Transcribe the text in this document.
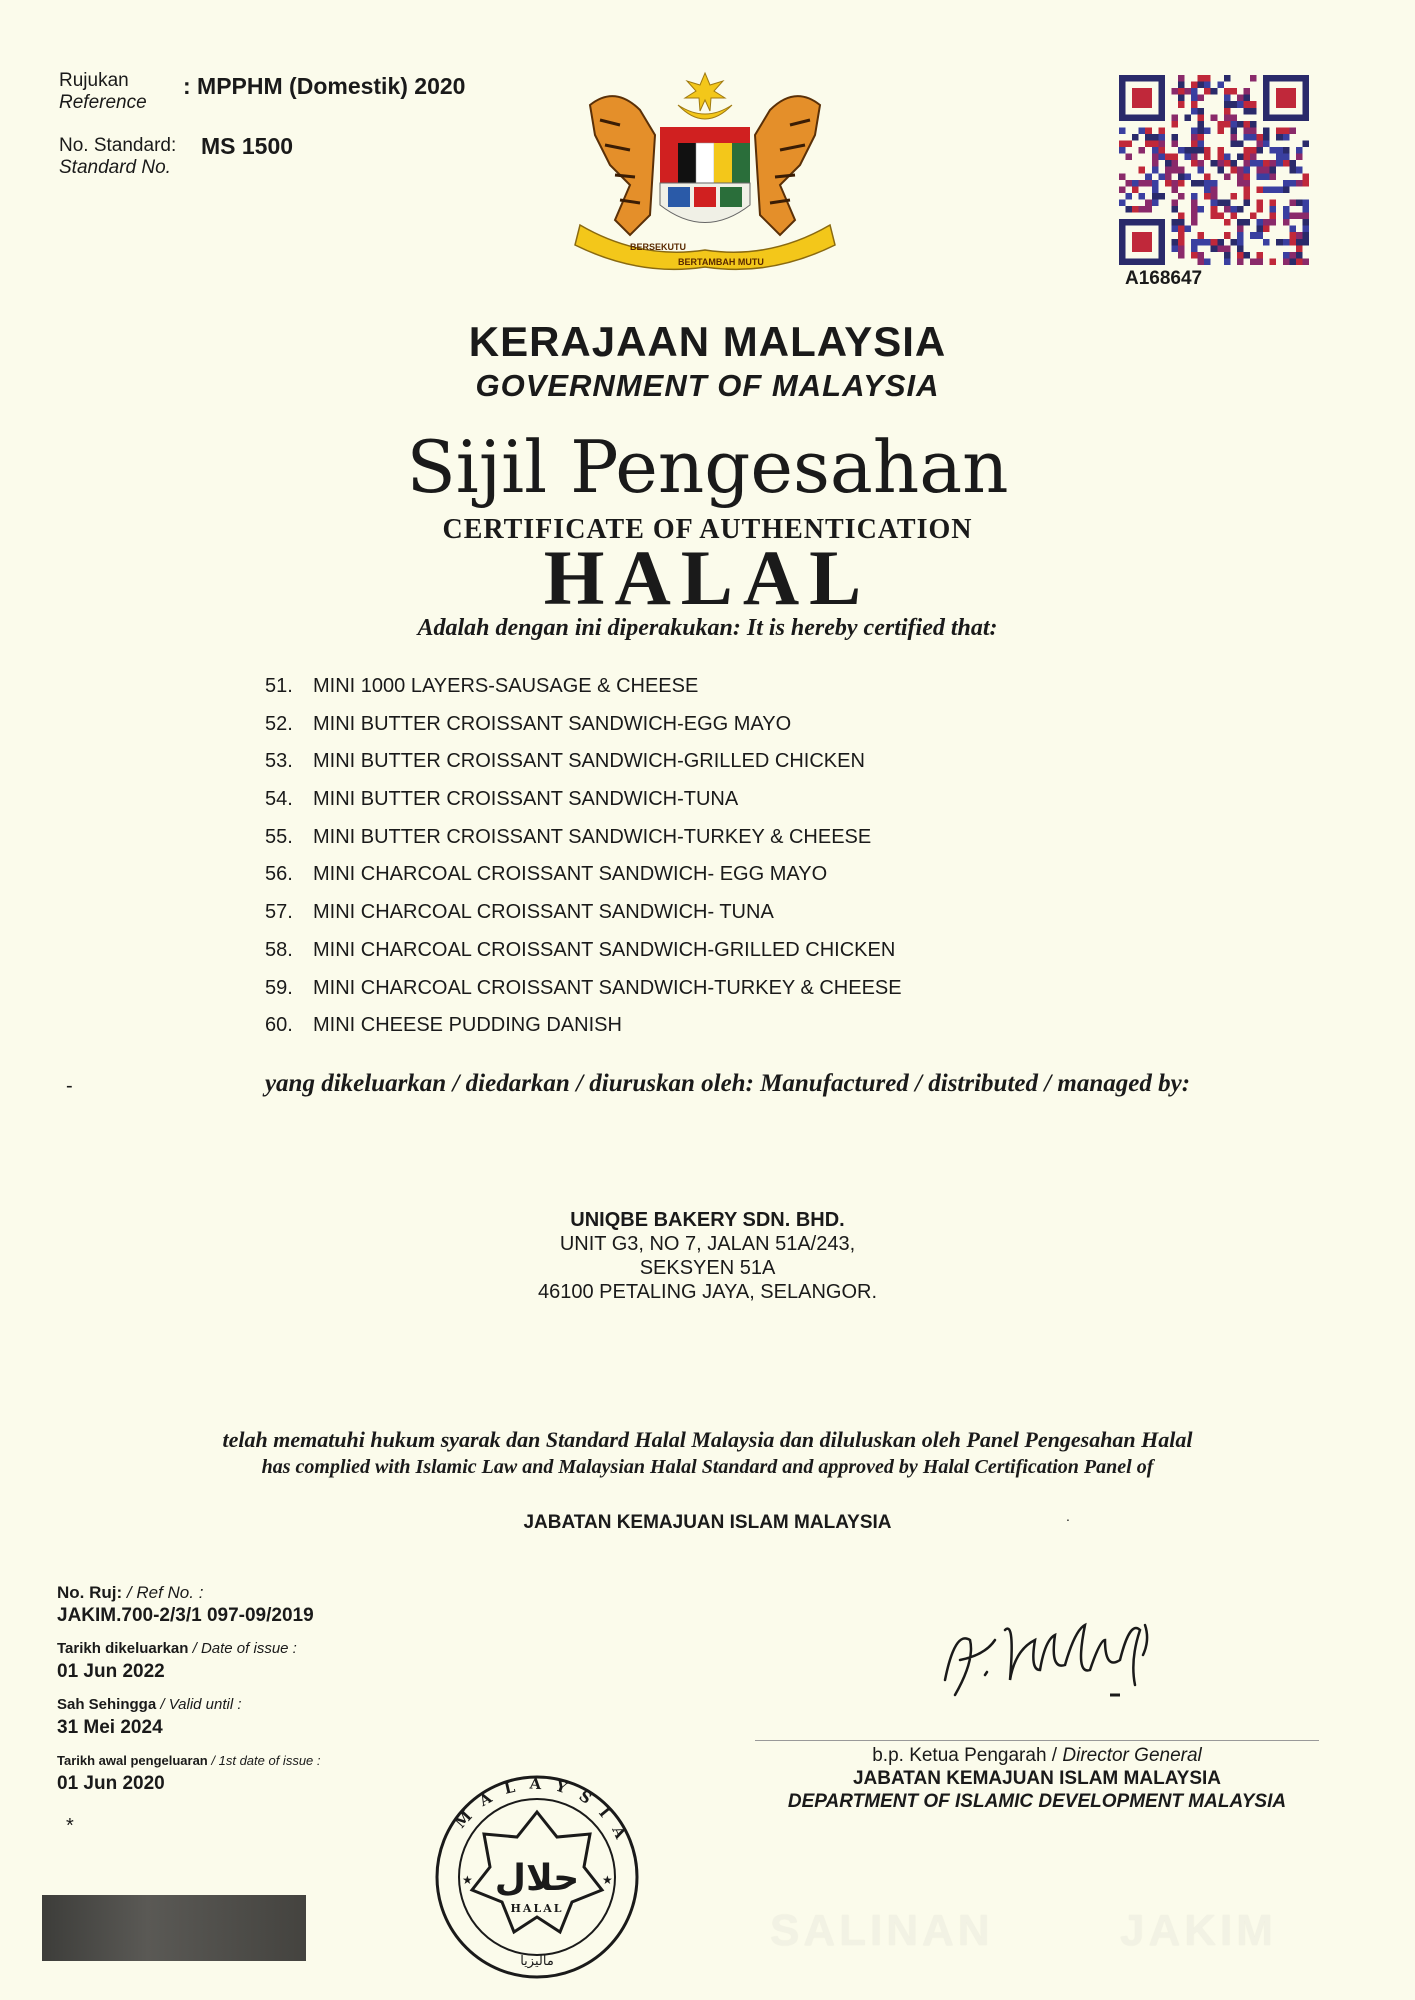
Rujukan
Reference
: MPPHM (Domestik) 2020
No. Standard:
Standard No.
MS 1500
BERSEKUTU
BERTAMBAH MUTU
A168647
KERAJAAN MALAYSIA
GOVERNMENT OF MALAYSIA
Sijil Pengesahan
CERTIFICATE OF AUTHENTICATION
HALAL
Adalah dengan ini diperakukan: It is hereby certified that:
51. MINI 1000 LAYERS-SAUSAGE & CHEESE
52. MINI BUTTER CROISSANT SANDWICH-EGG MAYO
53. MINI BUTTER CROISSANT SANDWICH-GRILLED CHICKEN
54. MINI BUTTER CROISSANT SANDWICH-TUNA
55. MINI BUTTER CROISSANT SANDWICH-TURKEY & CHEESE
56. MINI CHARCOAL CROISSANT SANDWICH- EGG MAYO
57. MINI CHARCOAL CROISSANT SANDWICH- TUNA
58. MINI CHARCOAL CROISSANT SANDWICH-GRILLED CHICKEN
59. MINI CHARCOAL CROISSANT SANDWICH-TURKEY & CHEESE
60. MINI CHEESE PUDDING DANISH
-	yang dikeluarkan / diedarkan / diuruskan oleh: Manufactured / distributed / managed by:
UNIQBE BAKERY SDN. BHD.
UNIT G3, NO 7, JALAN 51A/243,
SEKSYEN 51A
46100 PETALING JAYA, SELANGOR.
telah mematuhi hukum syarak dan Standard Halal Malaysia dan diluluskan oleh Panel Pengesahan Halal
has complied with Islamic Law and Malaysian Halal Standard and approved by Halal Certification Panel of
JABATAN KEMAJUAN ISLAM MALAYSIA	.
No. Ruj: / Ref No. :
JAKIM.700-2/3/1 097-09/2019
Tarikh dikeluarkan / Date of issue :
01 Jun 2022
Sah Sehingga / Valid until :
31 Mei 2024
Tarikh awal pengeluaran / 1st date of issue :
01 Jun 2020
*
b.p. Ketua Pengarah / Director General
JABATAN KEMAJUAN ISLAM MALAYSIA
DEPARTMENT OF ISLAMIC DEVELOPMENT MALAYSIA
MALAYSIA
حلال
HALAL
ماليزيا
★	★
SALINAN	JAKIM
